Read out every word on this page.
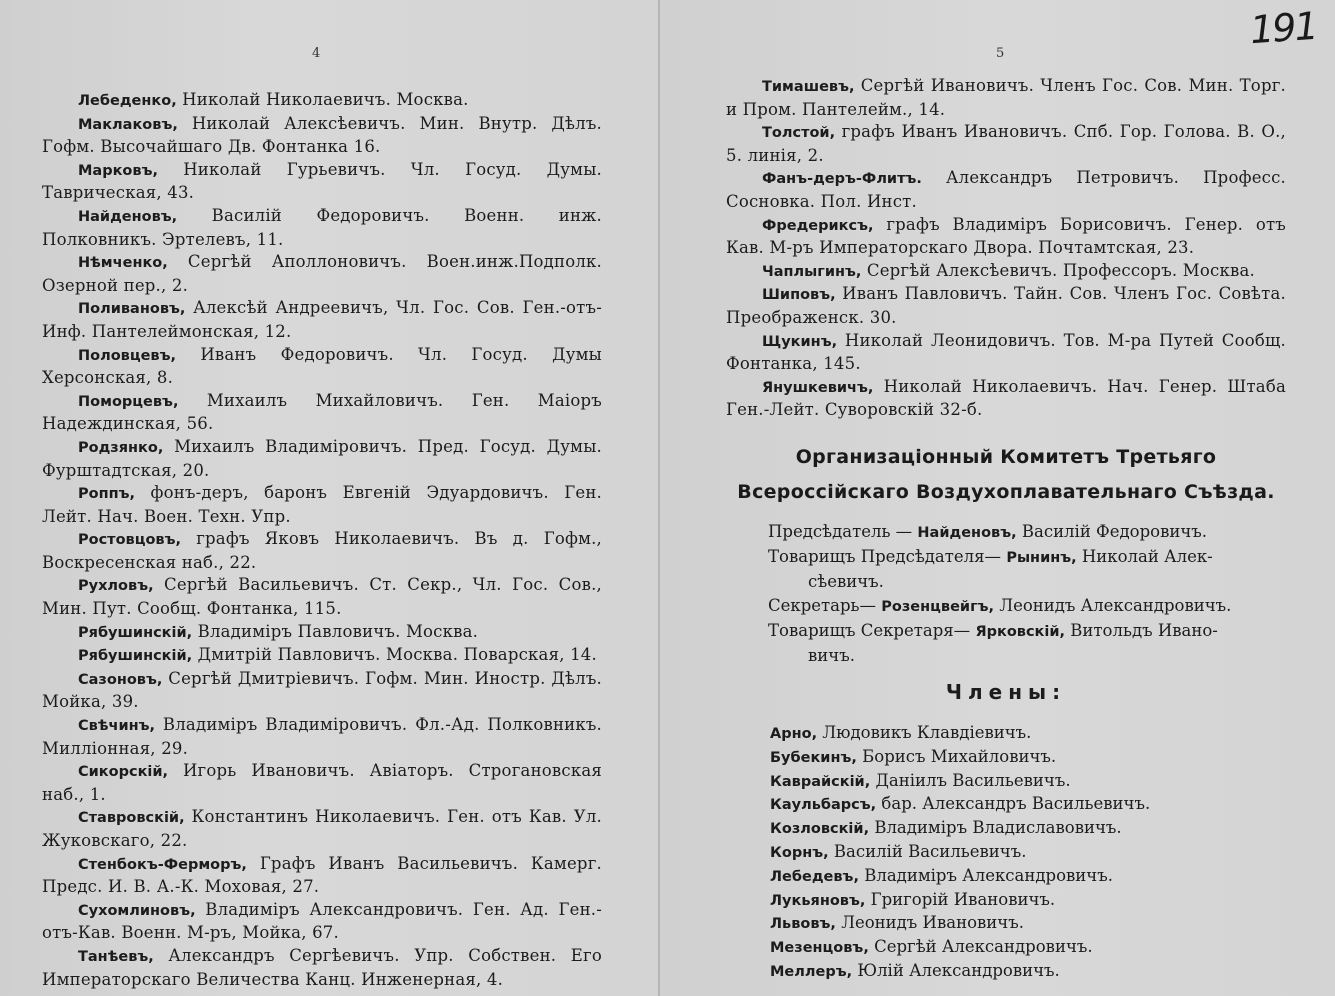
4

Лебеденко, Николай Николаевичъ. Москва.

Маклаковъ, Николай Алексѣевичъ. Мин. Внутр. Дѣлъ. Гофм. Высочайшаго Дв. Фонтанка 16.

Марковъ, Николай Гурьевичъ. Чл. Госуд. Думы. Таврическая, 43.

Найденовъ, Василій Федоровичъ. Военн. инж. Полковникъ. Эртелевъ, 11.

Нѣмченко, Сергѣй Аполлоновичъ. Воен.инж.Подполк. Озерной пер., 2.

Поливановъ, Алексѣй Андреевичъ, Чл. Гос. Сов. Ген.-отъ-Инф. Пантелеймонская, 12.

Половцевъ, Иванъ Федоровичъ. Чл. Госуд. Думы Херсонская, 8.

Поморцевъ, Михаилъ Михайловичъ. Ген. Маіоръ Надеждинская, 56.

Родзянко, Михаилъ Владиміровичъ. Пред. Госуд. Думы. Фурштадтская, 20.

Роппъ, фонъ-деръ, баронъ Евгеній Эдуардовичъ. Ген. Лейт. Нач. Воен. Техн. Упр.

Ростовцовъ, графъ Яковъ Николаевичъ. Въ д. Гофм., Воскресенская наб., 22.

Рухловъ, Сергѣй Васильевичъ. Ст. Секр., Чл. Гос. Сов., Мин. Пут. Сообщ. Фонтанка, 115.

Рябушинскій, Владиміръ Павловичъ. Москва.

Рябушинскій, Дмитрій Павловичъ. Москва. Поварская, 14.

Сазоновъ, Сергѣй Дмитріевичъ. Гофм. Мин. Иностр. Дѣлъ. Мойка, 39.

Свѣчинъ, Владиміръ Владиміровичъ. Фл.-Ад. Полковникъ. Милліонная, 29.

Сикорскій, Игорь Ивановичъ. Авіаторъ. Строгановская наб., 1.

Ставровскій, Константинъ Николаевичъ. Ген. отъ Кав. Ул. Жуковскаго, 22.

Стенбокъ-Ферморъ, Графъ Иванъ Васильевичъ. Камерг. Предс. И. В. А.-К. Моховая, 27.

Сухомлиновъ, Владиміръ Александровичъ. Ген. Ад. Ген.-отъ-Кав. Военн. М-ръ, Мойка, 67.

Танѣевъ, Александръ Сергѣевичъ. Упр. Собствен. Его Императорскаго Величества Канц. Инженерная, 4.

5
191

Тимашевъ, Сергѣй Ивановичъ. Членъ Гос. Сов. Мин. Торг. и Пром. Пантелейм., 14.

Толстой, графъ Иванъ Ивановичъ. Спб. Гор. Голова. В. О., 5. линія, 2.

Фанъ-деръ-Флитъ. Александръ Петровичъ. Професс. Сосновка. Пол. Инст.

Фредериксъ, графъ Владиміръ Борисовичъ. Генер. отъ Кав. М-ръ Императорскаго Двора. Почтамтская, 23.

Чаплыгинъ, Сергѣй Алексѣевичъ. Профессоръ. Москва.

Шиповъ, Иванъ Павловичъ. Тайн. Сов. Членъ Гос. Совѣта. Преображенск. 30.

Щукинъ, Николай Леонидовичъ. Тов. М-ра Путей Сообщ. Фонтанка, 145.

Янушкевичъ, Николай Николаевичъ. Нач. Генер. Штаба Ген.-Лейт. Суворовскій 32-б.

Организаціонный Комитетъ Третьяго
Всероссійскаго Воздухоплавательнаго Съѣзда.

Предсѣдатель — Найденовъ, Василій Федоровичъ.

Товарищъ Предсѣдателя— Рынинъ, Николай Алек-
сѣевичъ.

Секретарь— Розенцвейгъ, Леонидъ Александровичъ.

Товарищъ Секретаря— Ярковскій, Витольдъ Ивано-
вичъ.

Члены:

Арно, Людовикъ Клавдіевичъ.

Бубекинъ, Борисъ Михайловичъ.

Каврайскій, Даніилъ Васильевичъ.

Каульбарсъ, бар. Александръ Васильевичъ.

Козловскій, Владиміръ Владиславовичъ.

Корнъ, Василій Васильевичъ.

Лебедевъ, Владиміръ Александровичъ.

Лукьяновъ, Григорій Ивановичъ.

Львовъ, Леонидъ Ивановичъ.

Мезенцовъ, Сергѣй Александровичъ.

Меллеръ, Юлій Александровичъ.
